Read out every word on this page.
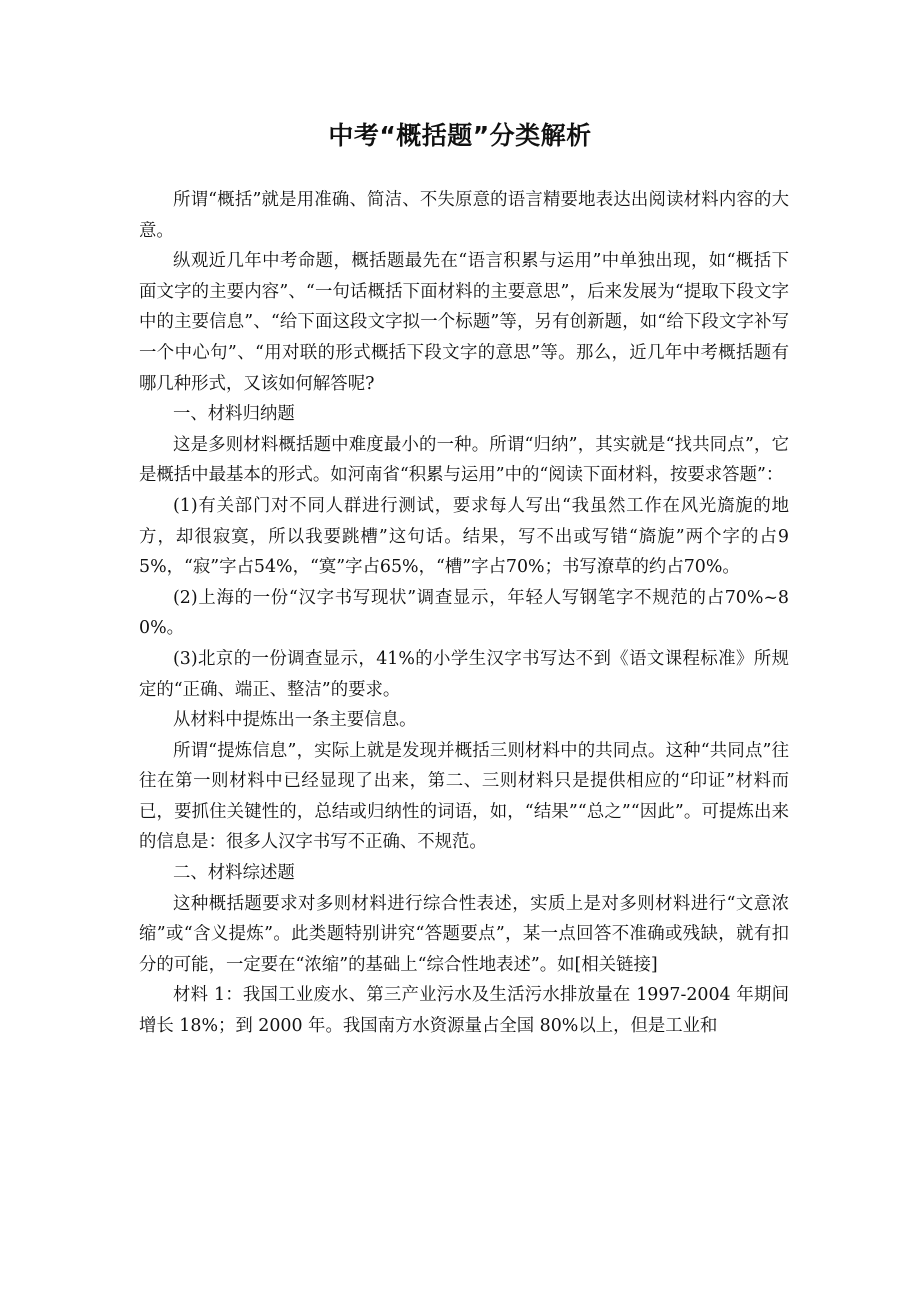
中考“概括题”分类解析

所谓“概括”就是用准确、简洁、不失原意的语言精要地表达出阅读材料内容的大意。

纵观近几年中考命题，概括题最先在“语言积累与运用”中单独出现，如“概括下面文字的主要内容”、“一句话概括下面材料的主要意思”，后来发展为“提取下段文字中的主要信息”、“给下面这段文字拟一个标题”等，另有创新题，如“给下段文字补写一个中心句”、“用对联的形式概括下段文字的意思”等。那么，近几年中考概括题有哪几种形式，又该如何解答呢?

一、材料归纳题

这是多则材料概括题中难度最小的一种。所谓“归纳”，其实就是“找共同点”，它是概括中最基本的形式。如河南省“积累与运用”中的“阅读下面材料，按要求答题”：

(1)有关部门对不同人群进行测试，要求每人写出“我虽然工作在风光旖旎的地方，却很寂寞，所以我要跳槽”这句话。结果，写不出或写错“旖旎”两个字的占95%，“寂”字占54%，“寞”字占65%，“槽”字占70%；书写潦草的约占70%。

(2)上海的一份“汉字书写现状”调查显示，年轻人写钢笔字不规范的占70%~80%。

(3)北京的一份调查显示，41%的小学生汉字书写达不到《语文课程标准》所规定的“正确、端正、整洁”的要求。

从材料中提炼出一条主要信息。

所谓“提炼信息”，实际上就是发现并概括三则材料中的共同点。这种“共同点”往往在第一则材料中已经显现了出来，第二、三则材料只是提供相应的“印证”材料而已，要抓住关键性的，总结或归纳性的词语，如，“结果”“总之”“因此”。可提炼出来的信息是：很多人汉字书写不正确、不规范。

二、材料综述题

这种概括题要求对多则材料进行综合性表述，实质上是对多则材料进行“文意浓缩”或“含义提炼”。此类题特别讲究“答题要点”，某一点回答不准确或残缺，就有扣分的可能，一定要在“浓缩”的基础上“综合性地表述”。如[相关链接]

材料 1：我国工业废水、第三产业污水及生活污水排放量在 1997-2004 年期间增长 18%；到 2000 年。我国南方水资源量占全国 80%以上，但是工业和
